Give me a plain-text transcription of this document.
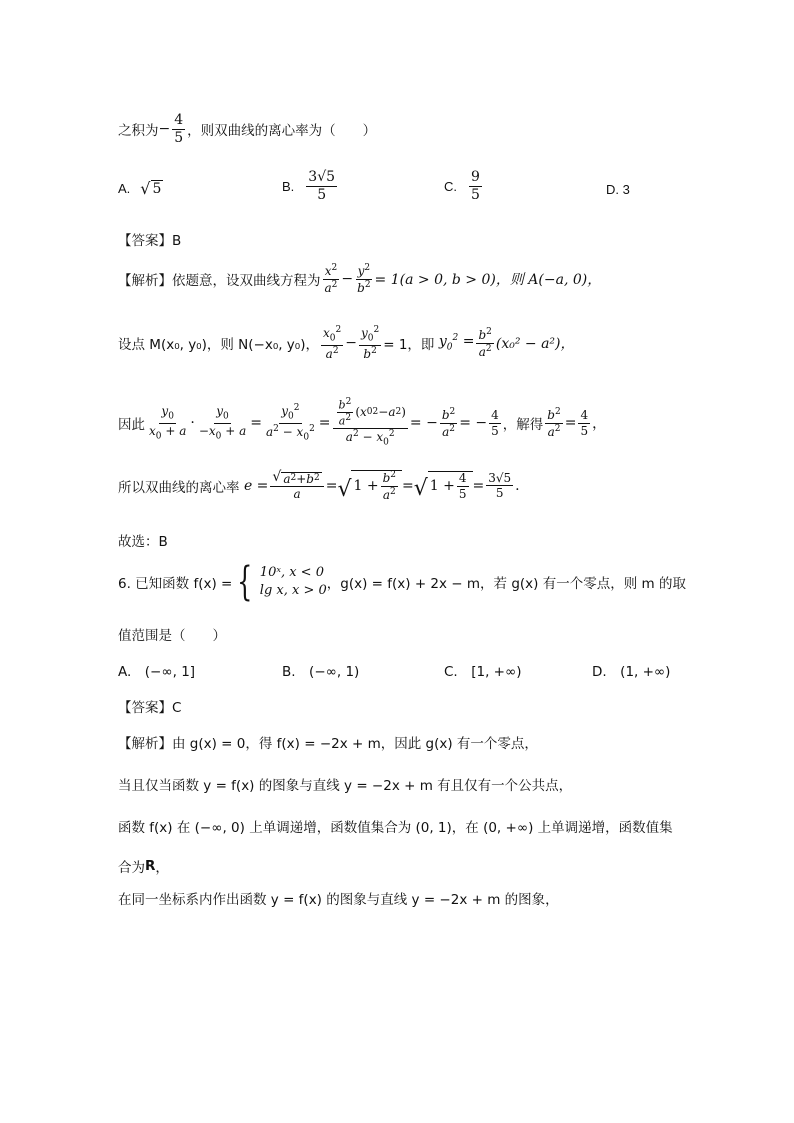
之积为 − $\frac{4}{5}$ ，则双曲线的离心率为（　　）
A. √ 5	B.
3√5
5
C.
9
5	D. 3
【答案】B
【解析】 依题意，设双曲线方程为
$x^2$
$a^2 - \frac{y^2}{b^2} = 1(a > 0$, b > 0)，则 A(−a, 0)，
设点 M(x₀, y₀)，则 N(−x₀, y₀)，
$x_0^2$
$a^2 - \frac{y_0^2}{b^2} = 1$，即 $y_0^2 = \frac{b^2}{a^2} (x_0^2 - a^2)$，
因此
$y_0$
$x_0 + a \cdot \frac{y_0}{-x_0 + a} = \frac{y_0^2}{a^2 - x_0^2} = b^2$
$a^2$ ( x 0 2 − a 2 )
$a^2 - x_0^2$ = − $\frac{b^2}{a^2}$ = − $\frac{4}{5}$ ，解得 $\frac{b^2}{a^2} = \frac{4}{5}$ ，
所以双曲线的离心率 $e = \frac{√ a 2 + b 2}{a}$ = √ 1 +
$b^2$
$a^2$ = √ 1 +
4
$5 = \frac{3√5}{5}$ .
故选：B
6. 已知函数 f(x) = { 10ˣ, x < 0
lg x, x > 0 ，g(x) = f(x) + 2x − m，若 g(x) 有一个零点，则 m 的取
值范围是（　　）
A.　(−∞, 1]	B.　(−∞, 1)	C.　[1, +∞)	D.　(1, +∞)
【答案】C
【解析】由 g(x) = 0，得 f(x) = −2x + m，因此 g(x) 有一个零点，
当且仅当函数 y = f(x) 的图象与直线 y = −2x + m 有且仅有一个公共点，
函数 f(x) 在 (−∞, 0) 上单调递增，函数值集合为 (0, 1)，在 (0, +∞) 上单调递增，函数值集
合为 R ，
在同一坐标系内作出函数 y = f(x) 的图象与直线 y = −2x + m 的图象，
